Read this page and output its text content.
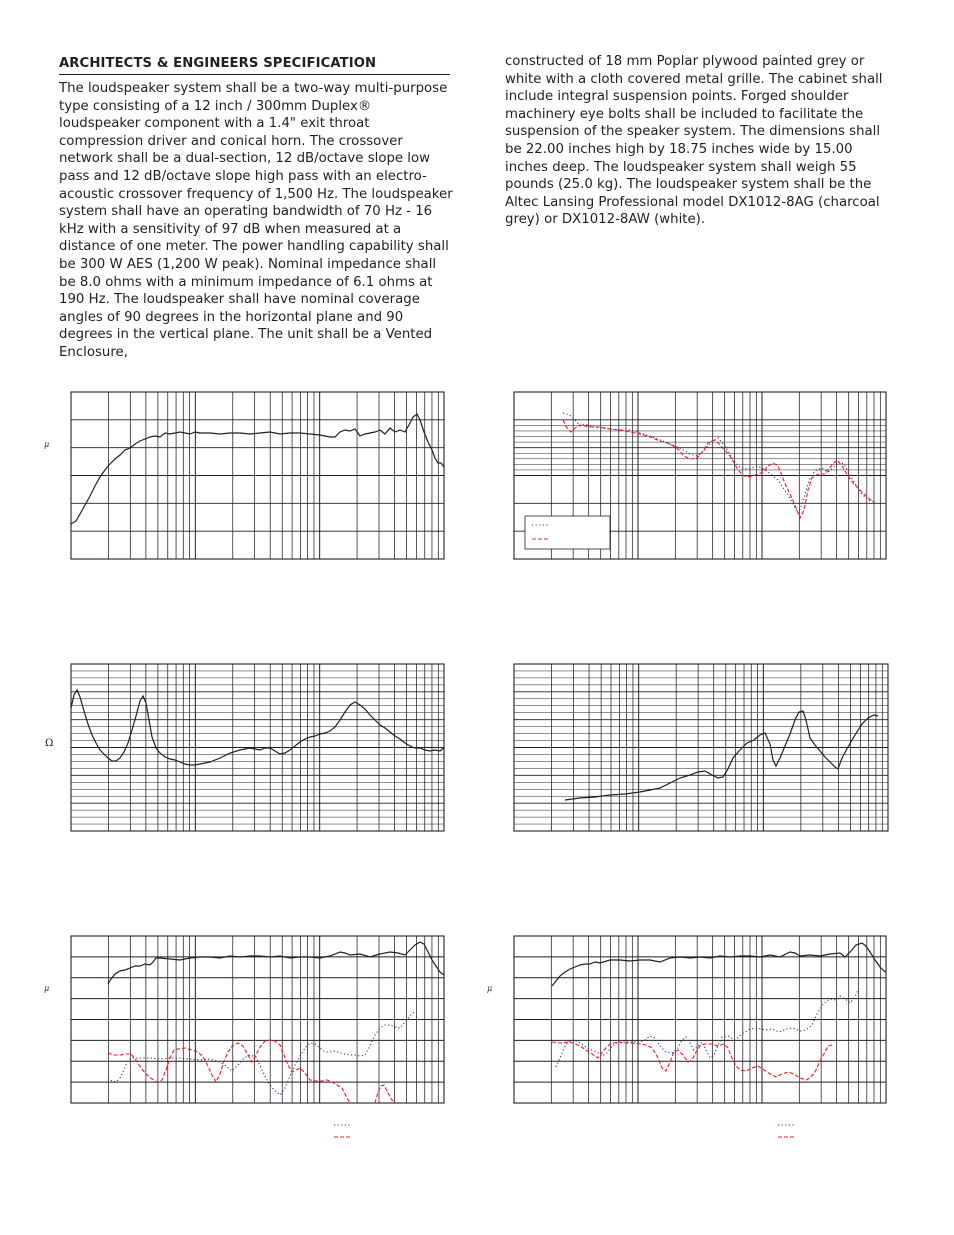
ARCHITECTS & ENGINEERS SPECIFICATION
The loudspeaker system shall be a two-way multi-purpose type consisting of a 12 inch / 300mm Duplex® loudspeaker component with a 1.4" exit throat compression driver and conical horn. The crossover network shall be a dual-section, 12 dB/octave slope low pass and 12 dB/octave slope high pass with an electro-acoustic crossover frequency of 1,500 Hz. The loudspeaker system shall have an operating bandwidth of 70 Hz - 16 kHz with a sensitivity of 97 dB when measured at a distance of one meter. The power handling capability shall be 300 W AES (1,200 W peak). Nominal impedance shall be 8.0 ohms with a minimum impedance of 6.1 ohms at 190 Hz. The loudspeaker shall have nominal coverage angles of 90 degrees in the horizontal plane and 90 degrees in the vertical plane. The unit shall be a Vented Enclosure,
constructed of 18 mm Poplar plywood painted grey or white with a cloth covered metal grille. The cabinet shall include integral suspension points. Forged shoulder machinery eye bolts shall be included to facilitate the suspension of the speaker system. The dimensions shall be 22.00 inches high by 18.75 inches wide by 15.00 inches deep. The loudspeaker system shall weigh 55 pounds (25.0 kg). The loudspeaker system shall be the Altec Lansing Professional model DX1012-8AG (charcoal grey) or DX1012-8AW (white).
μ
Ω
μ	μ
